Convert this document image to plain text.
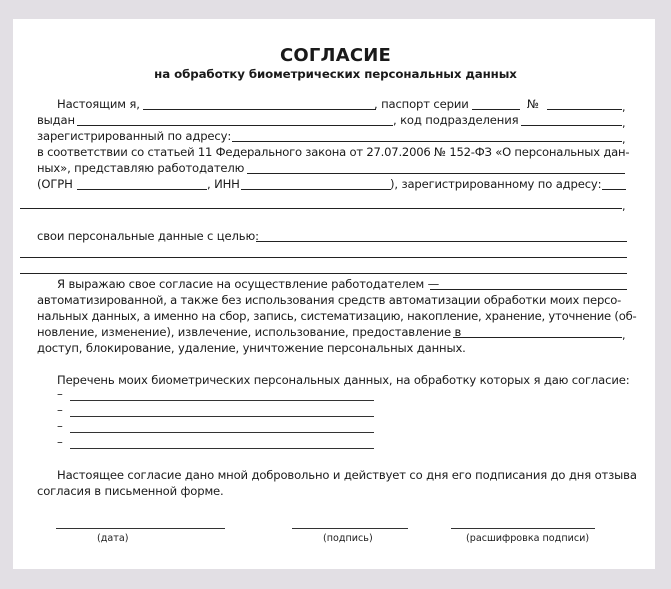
СОГЛАСИЕ
на обработку биометрических персональных данных
Настоящим я,	, паспорт серии	№	,
выдан	, код подразделения	,
зарегистрированный по адресу:	,
в соответствии со статьей 11 Федерального закона от 27.07.2006 № 152-ФЗ «О персональных дан-
ных», представляю работодателю
(ОГРН	, ИНН	), зарегистрированному по адресу:
,
свои персональные данные с целью:
Я выражаю свое согласие на осуществление работодателем —
автоматизированной, а также без использования средств автоматизации обработки моих персо-
нальных данных, а именно на сбор, запись, систематизацию, накопление, хранение, уточнение (об-
новление, изменение), извлечение, использование, предоставление в	,
доступ, блокирование, удаление, уничтожение персональных данных.
Перечень моих биометрических персональных данных, на обработку которых я даю согласие:
–
–
–
–
Настоящее согласие дано мной добровольно и действует со дня его подписания до дня отзыва
согласия в письменной форме.
(дата)	(подпись)	(расшифровка подписи)
